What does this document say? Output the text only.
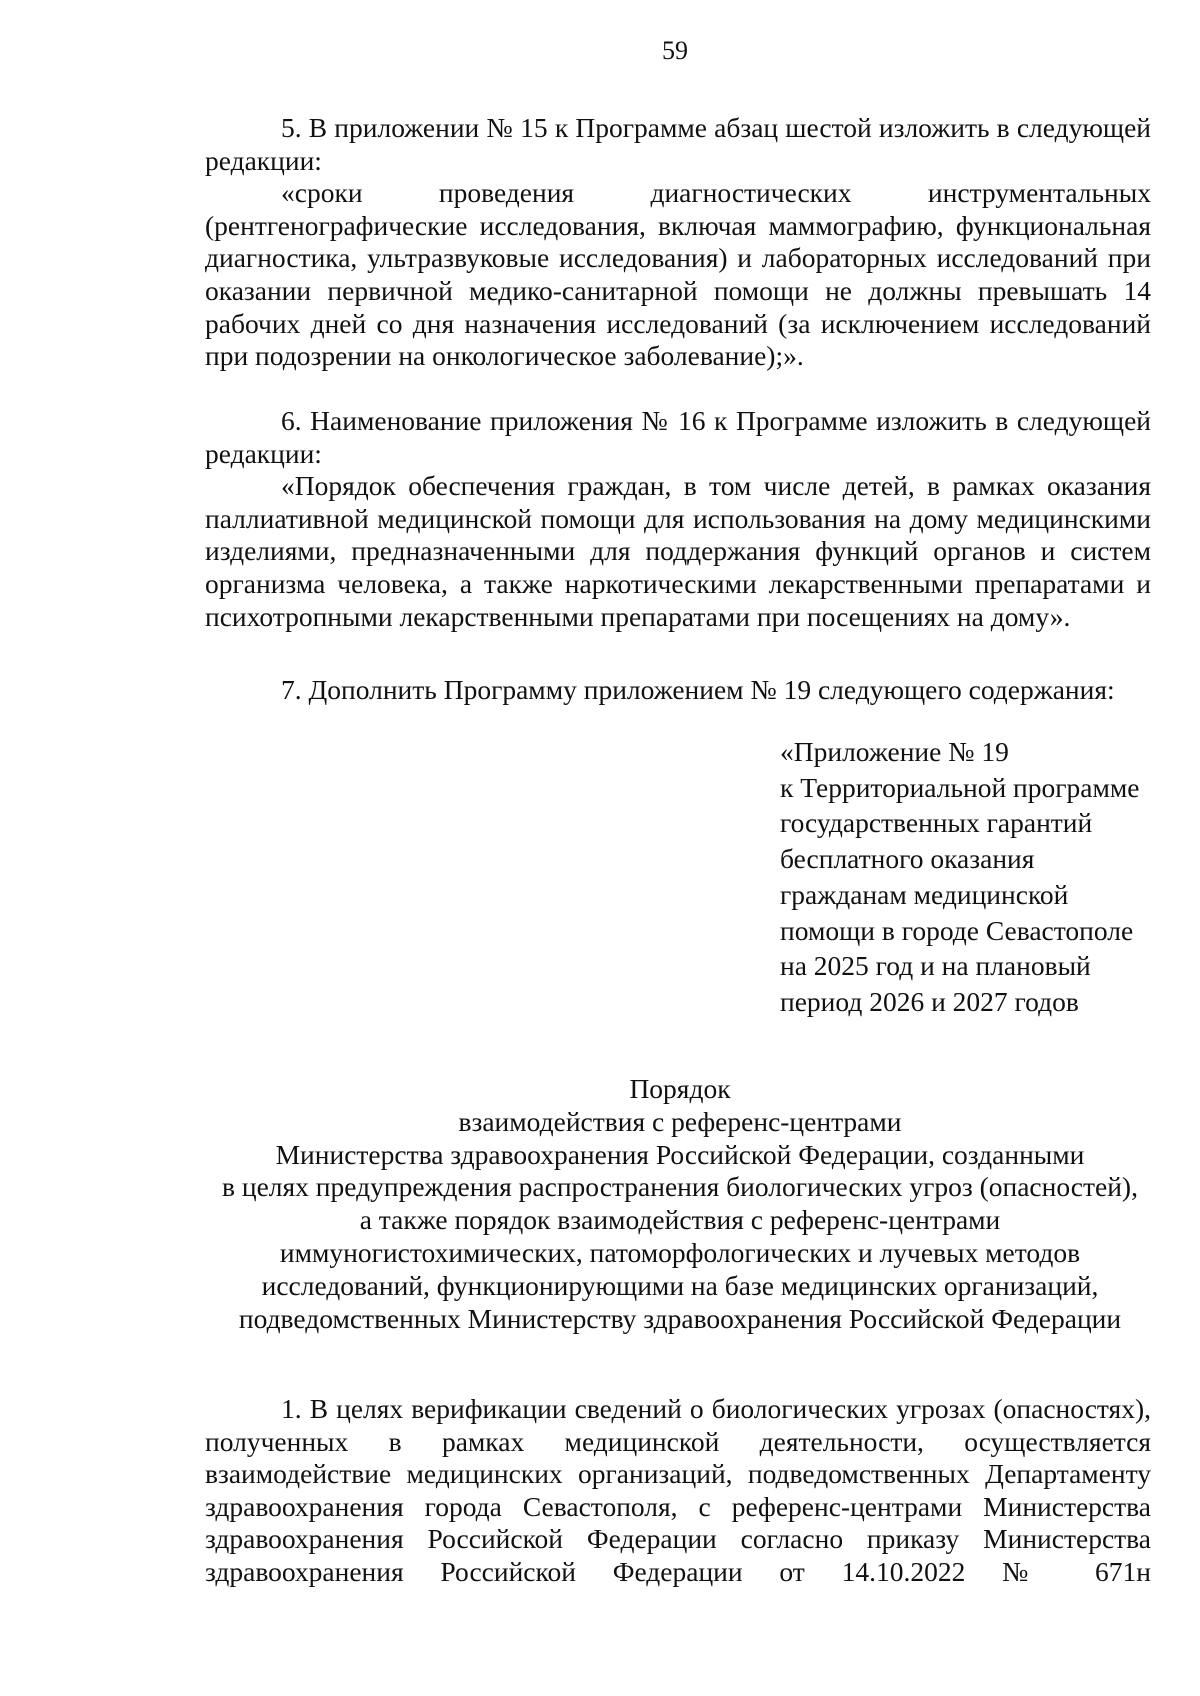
59

5. В приложении № 15 к Программе абзац шестой изложить в следующей редакции:

«сроки проведения диагностических инструментальных (рентгенографические исследования, включая маммографию, функциональная диагностика, ультразвуковые исследования) и лабораторных исследований при оказании первичной медико-санитарной помощи не должны превышать 14 рабочих дней со дня назначения исследований (за исключением исследований при подозрении на онкологическое заболевание);».

6. Наименование приложения № 16 к Программе изложить в следующей редакции:

«Порядок обеспечения граждан, в том числе детей, в рамках оказания паллиативной медицинской помощи для использования на дому медицинскими изделиями, предназначенными для поддержания функций органов и систем организма человека, а также наркотическими лекарственными препаратами и психотропными лекарственными препаратами при посещениях на дому».

7. Дополнить Программу приложением № 19 следующего содержания:

«Приложение № 19
к Территориальной программе
государственных гарантий
бесплатного оказания
гражданам медицинской
помощи в городе Севастополе
на 2025 год и на плановый
период 2026 и 2027 годов
Порядок
взаимодействия с референс-центрами
Министерства здравоохранения Российской Федерации, созданными
в целях предупреждения распространения биологических угроз (опасностей),
а также порядок взаимодействия с референс-центрами
иммуногистохимических, патоморфологических и лучевых методов
исследований, функционирующими на базе медицинских организаций,
подведомственных Министерству здравоохранения Российской Федерации

1. В целях верификации сведений о биологических угрозах (опасностях), полученных в рамках медицинской деятельности, осуществляется взаимодействие медицинских организаций, подведомственных Департаменту здравоохранения города Севастополя, с референс-центрами Министерства здравоохранения Российской Федерации согласно приказу Министерства здравоохранения Российской Федерации от 14.10.2022 № 671н
